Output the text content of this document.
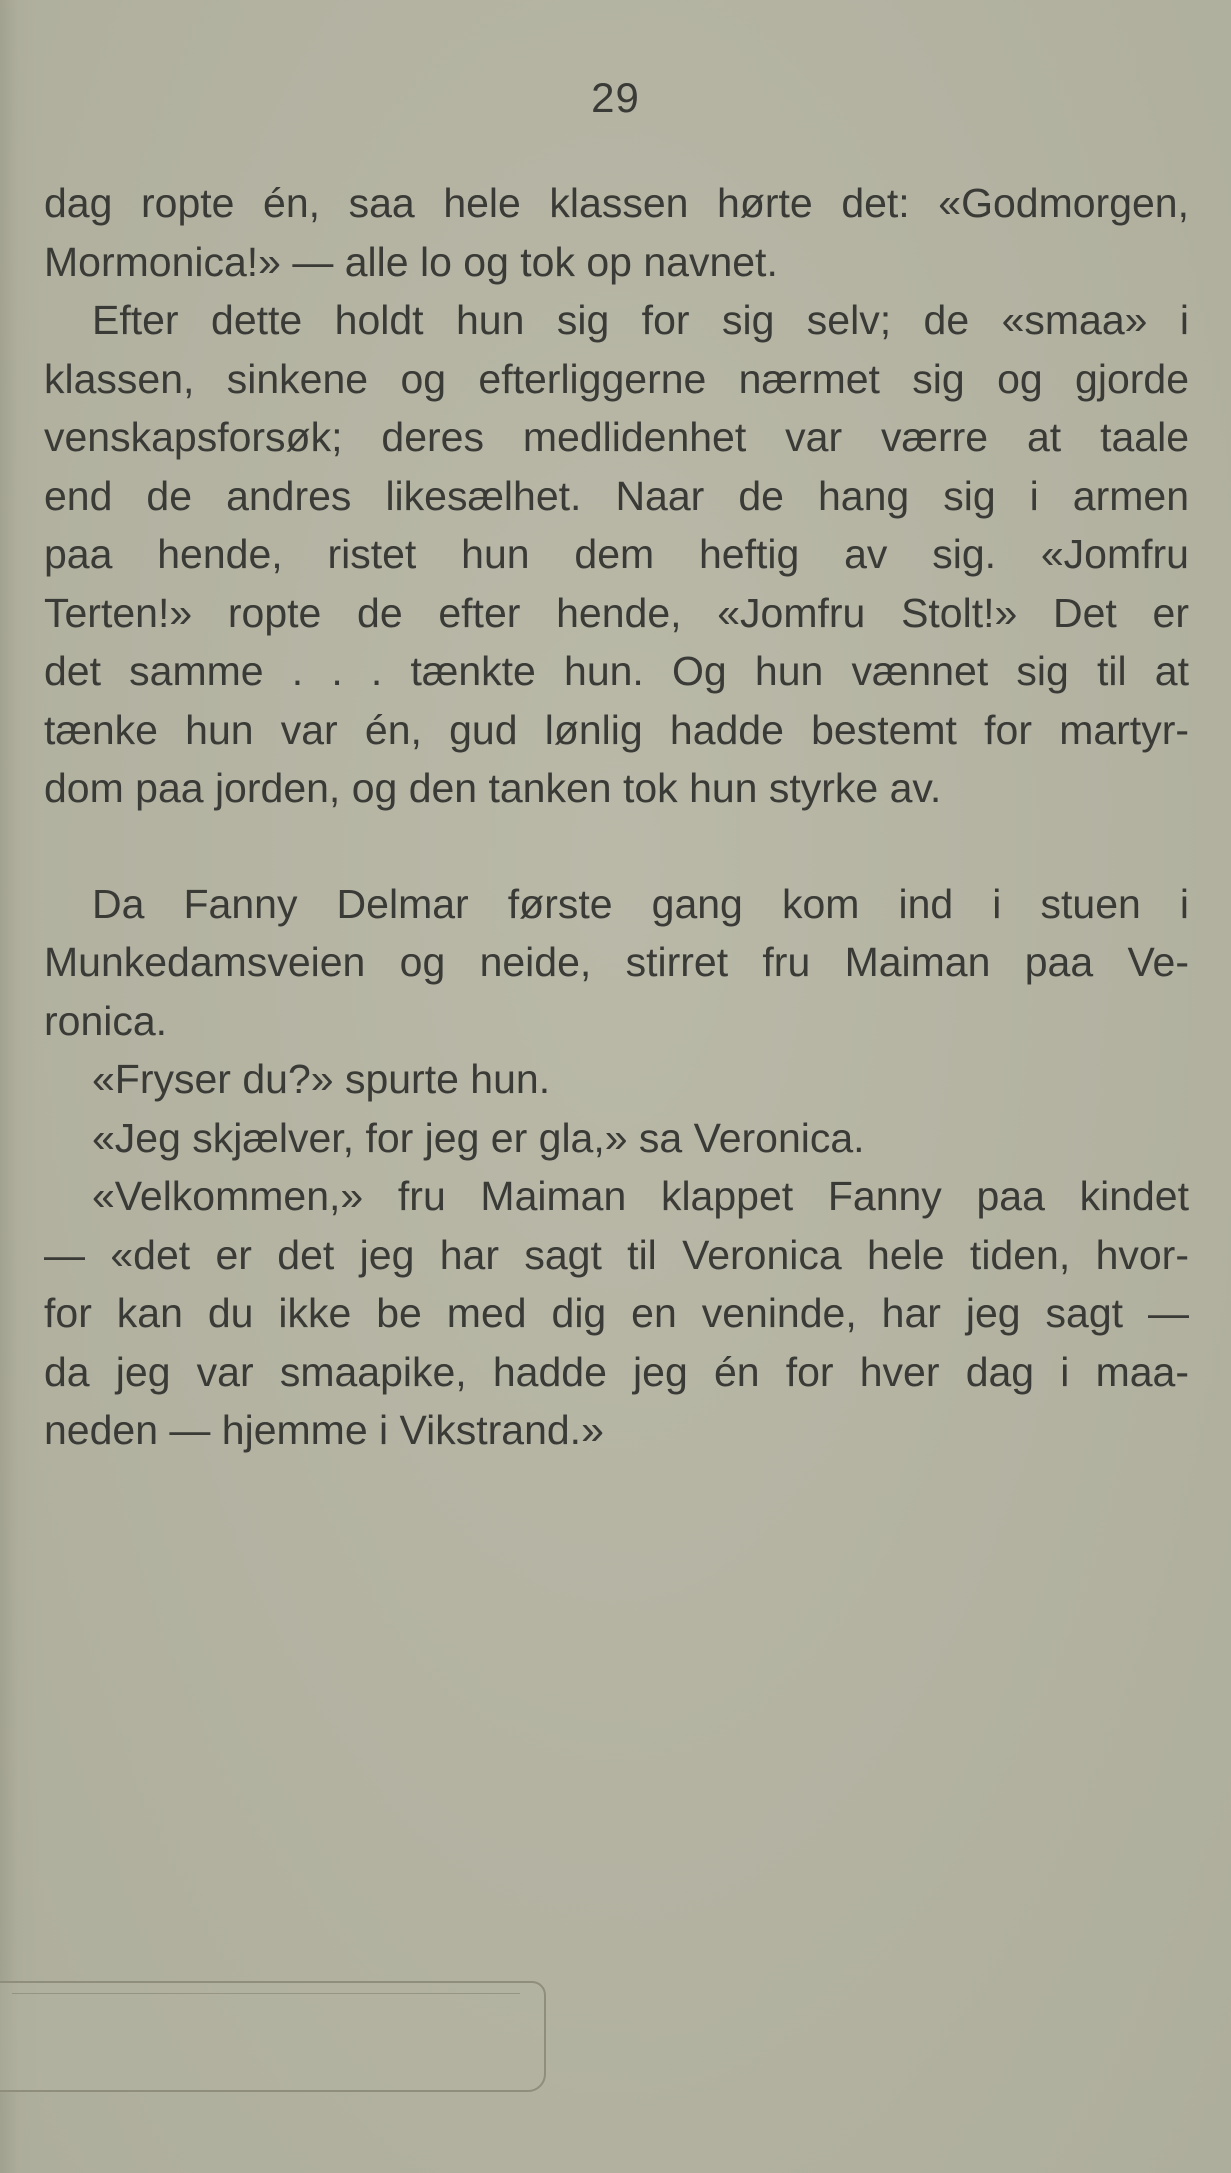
29
dag ropte én, saa hele klassen hørte det: «Godmorgen,
Mormonica!» — alle lo og tok op navnet.
Efter dette holdt hun sig for sig selv; de «smaa» i
klassen, sinkene og efterliggerne nærmet sig og gjorde
venskapsforsøk; deres medlidenhet var værre at taale
end de andres likesælhet. Naar de hang sig i armen
paa hende, ristet hun dem heftig av sig. «Jomfru
Terten!» ropte de efter hende, «Jomfru Stolt!» Det er
det samme . . . tænkte hun. Og hun vænnet sig til at
tænke hun var én, gud lønlig hadde bestemt for martyr-
dom paa jorden, og den tanken tok hun styrke av.
Da Fanny Delmar første gang kom ind i stuen i
Munkedamsveien og neide, stirret fru Maiman paa Ve-
ronica.
«Fryser du?» spurte hun.
«Jeg skjælver, for jeg er gla,» sa Veronica.
«Velkommen,» fru Maiman klappet Fanny paa kindet
— «det er det jeg har sagt til Veronica hele tiden, hvor-
for kan du ikke be med dig en veninde, har jeg sagt —
da jeg var smaapike, hadde jeg én for hver dag i maa-
neden — hjemme i Vikstrand.»
